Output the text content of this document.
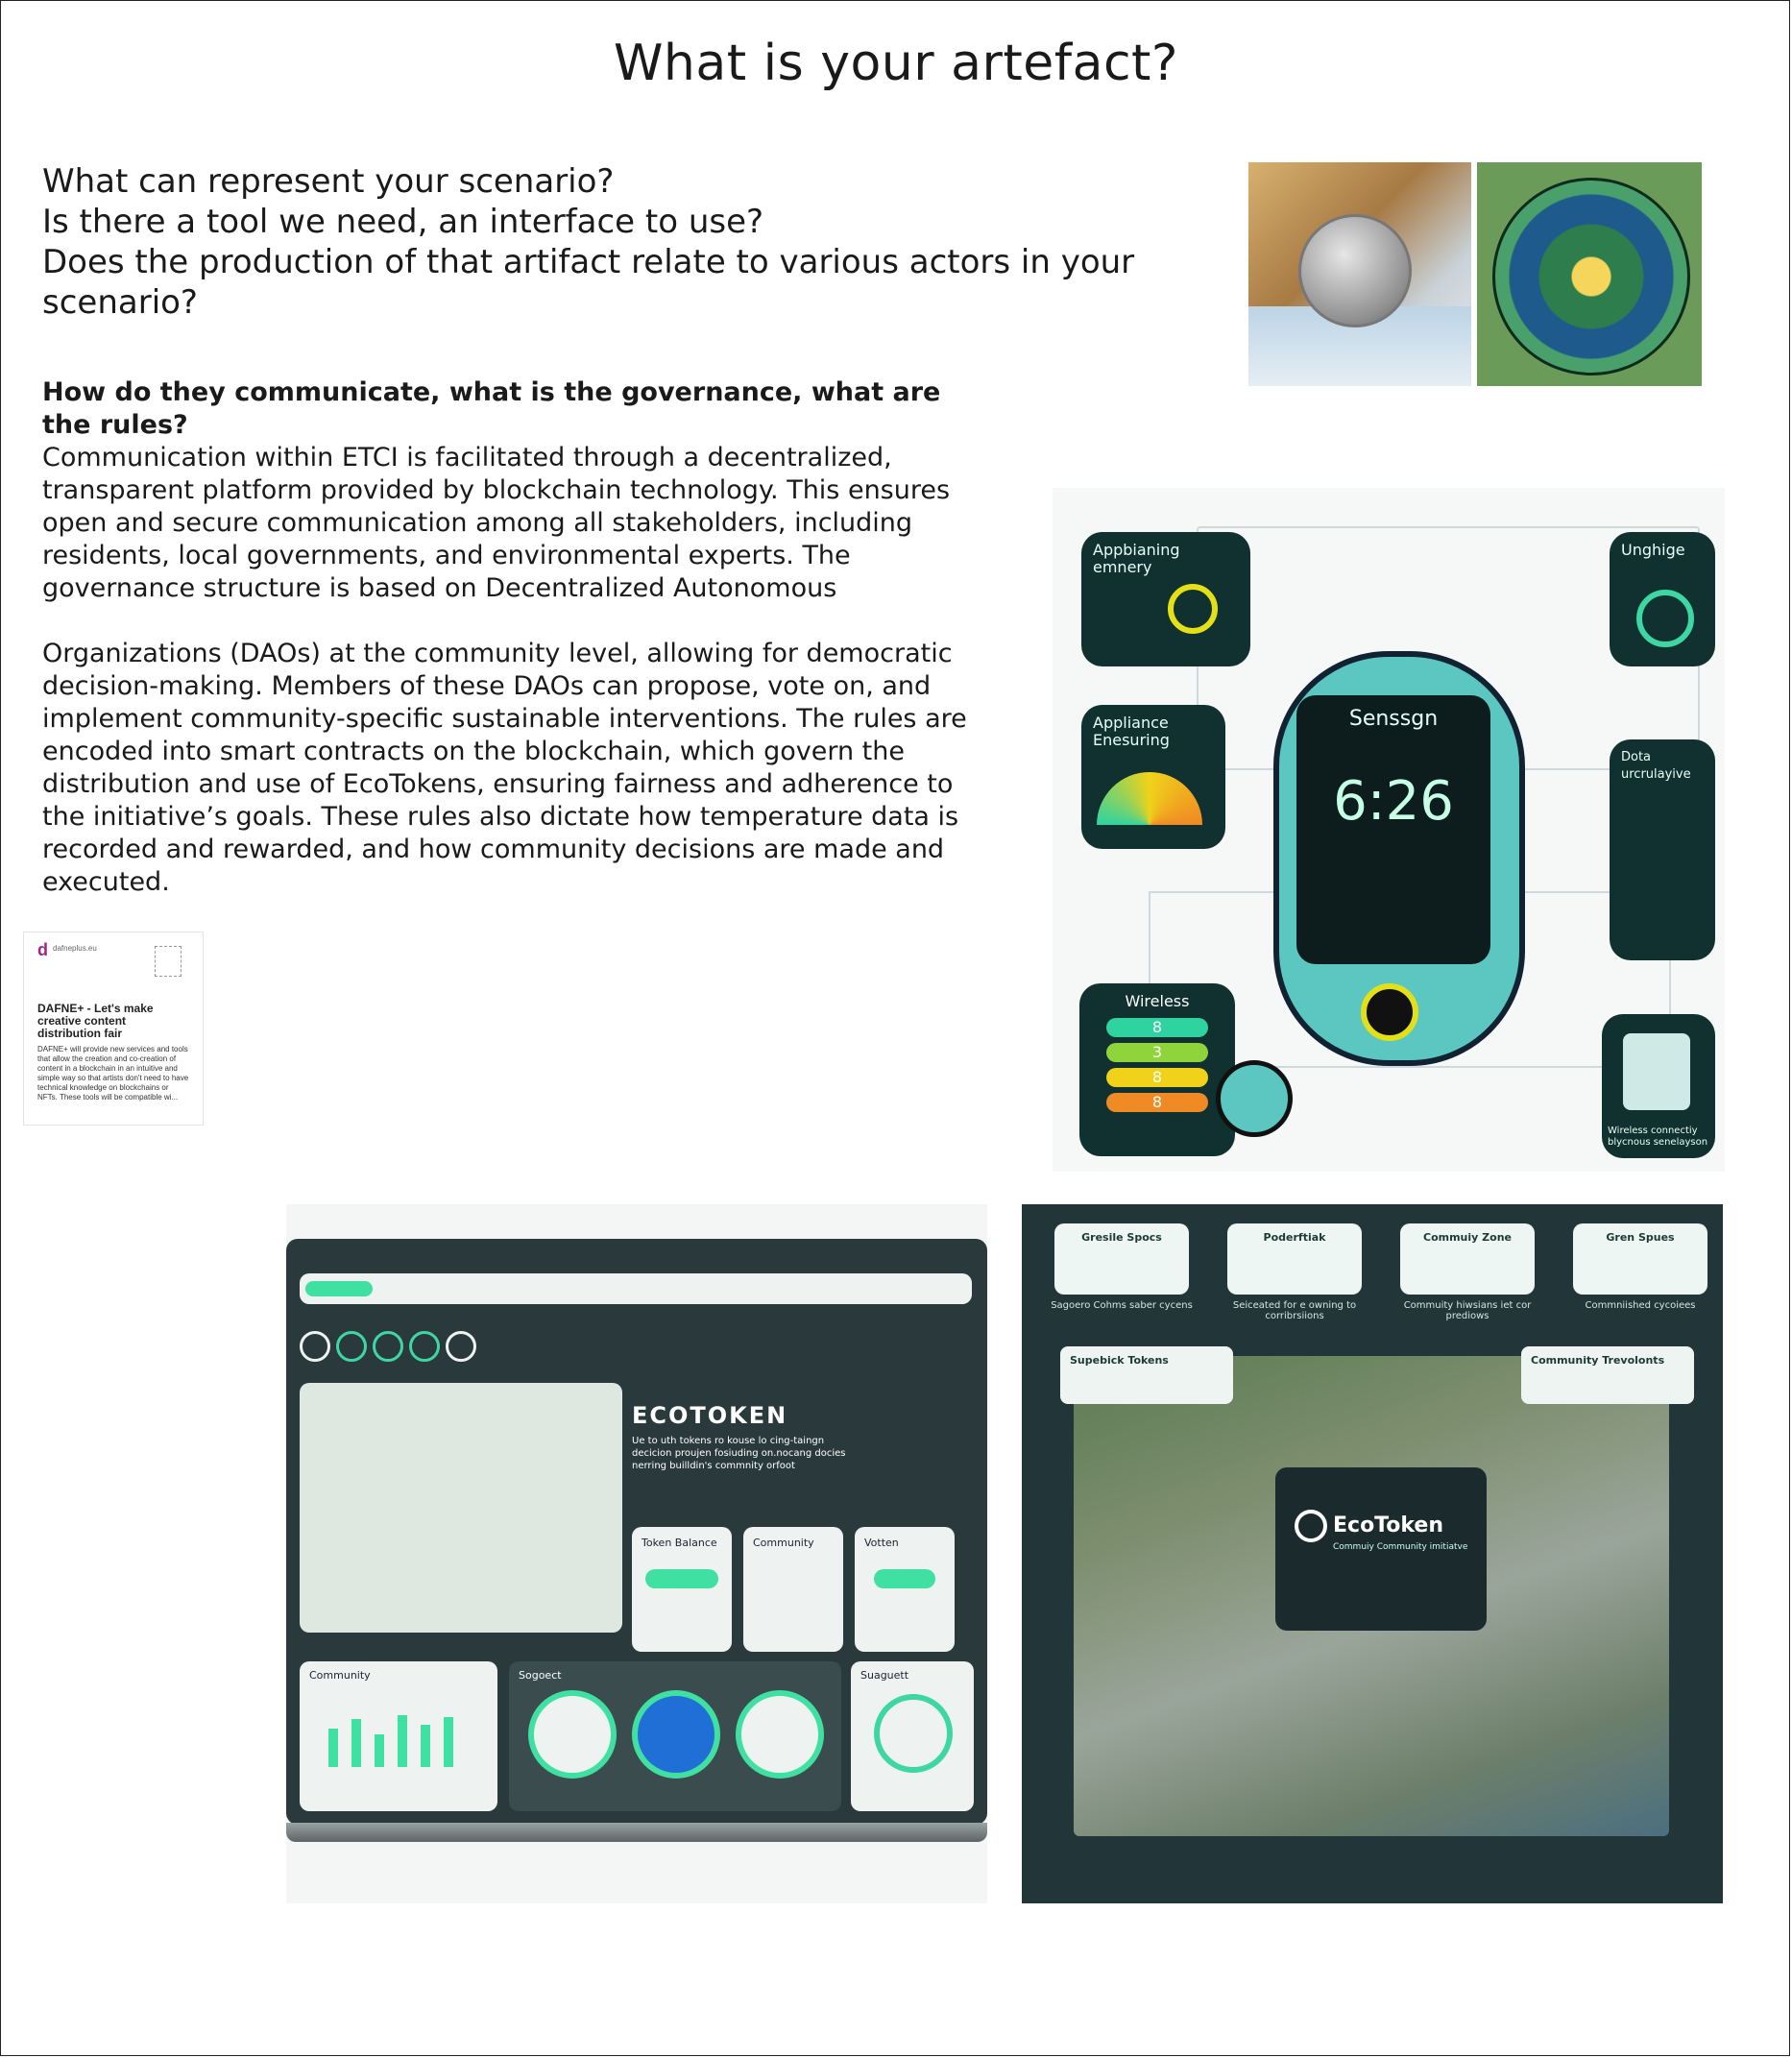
What is your artefact?
What can represent your scenario?
Is there a tool we need, an interface to use?
Does the production of that artifact relate to various actors in your scenario?
How do they communicate, what is the governance, what are the rules?

Communication within ETCI is facilitated through a decentralized, transparent platform provided by blockchain technology. This ensures open and secure communication among all stakeholders, including residents, local governments, and environmental experts. The governance structure is based on Decentralized Autonomous

Organizations (DAOs) at the community level, allowing for democratic decision-making. Members of these DAOs can propose, vote on, and implement community-specific sustainable interventions. The rules are encoded into smart contracts on the blockchain, which govern the distribution and use of EcoTokens, ensuring fairness and adherence to the initiative’s goals. These rules also dictate how temperature data is recorded and rewarded, and how community decisions are made and executed.

Appbianing emnery
Unghige
Appliance Enesuring
Dota urcrulayive
Wireless
8
3
8
8
Wireless connectiy blycnous senelayson
Senssgn
6:26
d $^{dafneplus.eu}$
DAFNE+ - Let's make creative content distribution fair
DAFNE+ will provide new services and tools that allow the creation and co-creation of content in a blockchain in an intuitive and simple way so that artists don't need to have technical knowledge on blockchains or NFTs. These tools will be compatible wi...
ECOTOKEN
Ue to uth tokens ro kouse lo cing-taingn decicion proujen fosiuding on.nocang docies nerring builldin's commnity orfoot
Token Balance	Community	Votten
Community	Sogoect	Suaguett
Gresile Spocs	Poderftiak	Commuiy Zone	Gren Spues
Sagoero Cohms saber cycens	Seiceated for e owning to corribrsiions
Commuity hiwsians iet cor prediows
Commniished cycoiees
Supebick Tokens	Community Trevolonts
EcoToken
Commuiy Community imitiatve
